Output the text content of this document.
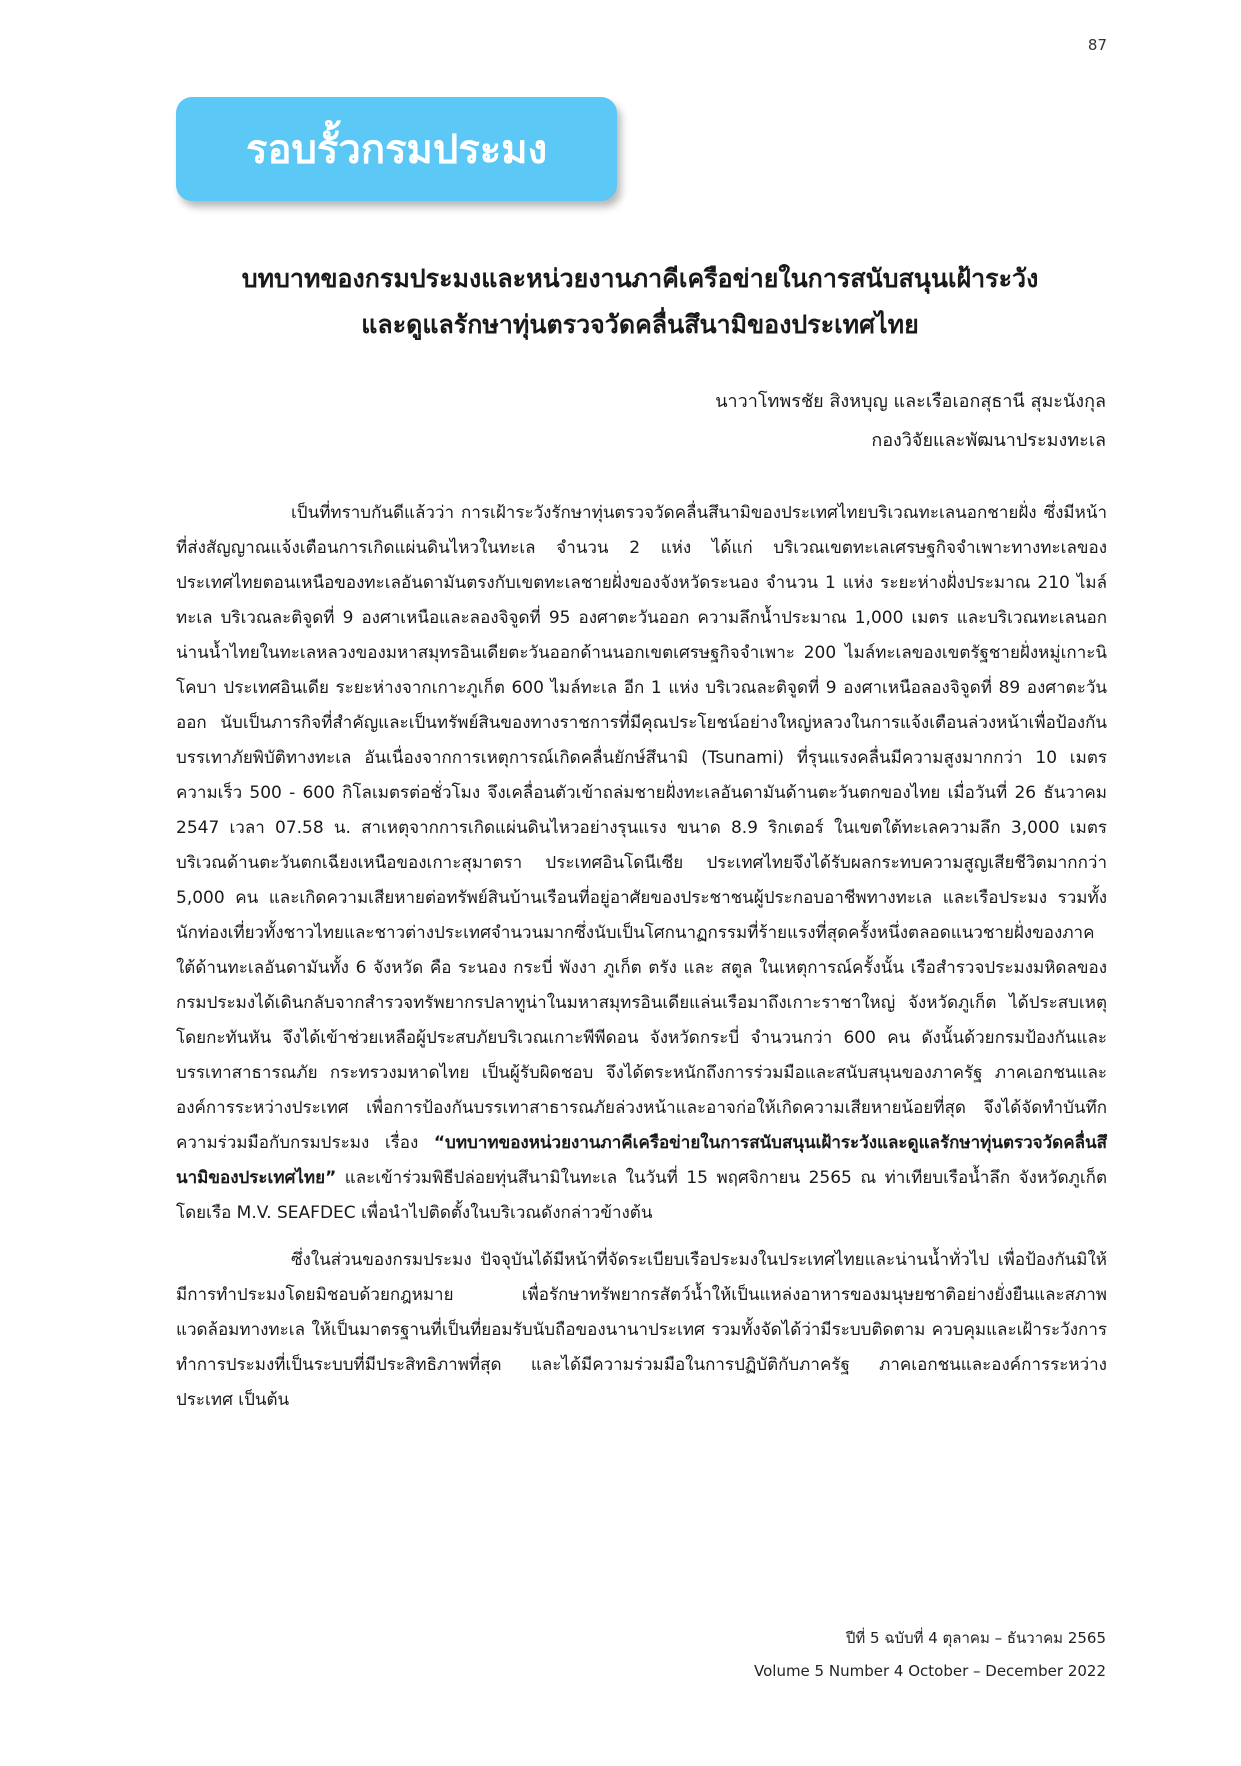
87
รอบรั้วกรมประมง
บทบาทของกรมประมงและหน่วยงานภาคีเครือข่ายในการสนับสนุนเฝ้าระวัง
และดูแลรักษาทุ่นตรวจวัดคลื่นสึนามิของประเทศไทย
นาวาโทพรชัย สิงหบุญ และเรือเอกสุธานี สุมะนังกุล
กองวิจัยและพัฒนาประมงทะเล

เป็นที่ทราบกันดีแล้วว่า การเฝ้าระวังรักษาทุ่นตรวจวัดคลื่นสึนามิของประเทศไทยบริเวณทะเลนอกชายฝั่ง ซึ่งมีหน้าที่ส่งสัญญาณแจ้งเตือนการเกิดแผ่นดินไหวในทะเล จำนวน 2 แห่ง ได้แก่ บริเวณเขตทะเลเศรษฐกิจจำเพาะทางทะเลของประเทศไทยตอนเหนือของทะเลอันดามันตรงกับเขตทะเลชายฝั่งของจังหวัดระนอง จำนวน 1 แห่ง ระยะห่างฝั่งประมาณ 210 ไมล์ทะเล บริเวณละติจูดที่ 9 องศาเหนือและลองจิจูดที่ 95 องศาตะวันออก ความลึกน้ำประมาณ 1,000 เมตร และบริเวณทะเลนอกน่านน้ำไทยในทะเลหลวงของมหาสมุทรอินเดียตะวันออกด้านนอกเขตเศรษฐกิจจำเพาะ 200 ไมล์ทะเลของเขตรัฐชายฝั่งหมู่เกาะนิโคบา ประเทศอินเดีย ระยะห่างจากเกาะภูเก็ต 600 ไมล์ทะเล อีก 1 แห่ง บริเวณละติจูดที่ 9 องศาเหนือลองจิจูดที่ 89 องศาตะวันออก นับเป็นภารกิจที่สำคัญและเป็นทรัพย์สินของทางราชการที่มีคุณประโยชน์อย่างใหญ่หลวงในการแจ้งเตือนล่วงหน้าเพื่อป้องกันบรรเทาภัยพิบัติทางทะเล อันเนื่องจากการเหตุการณ์เกิดคลื่นยักษ์สึนามิ (Tsunami) ที่รุนแรงคลื่นมีความสูงมากกว่า 10 เมตร ความเร็ว 500 - 600 กิโลเมตรต่อชั่วโมง จึงเคลื่อนตัวเข้าถล่มชายฝั่งทะเลอันดามันด้านตะวันตกของไทย เมื่อวันที่ 26 ธันวาคม 2547 เวลา 07.58 น. สาเหตุจากการเกิดแผ่นดินไหวอย่างรุนแรง ขนาด 8.9 ริกเตอร์ ในเขตใต้ทะเลความลึก 3,000 เมตร บริเวณด้านตะวันตกเฉียงเหนือของเกาะสุมาตรา ประเทศอินโดนีเซีย ประเทศไทยจึงได้รับผลกระทบความสูญเสียชีวิตมากกว่า 5,000 คน และเกิดความเสียหายต่อทรัพย์สินบ้านเรือนที่อยู่อาศัยของประชาชนผู้ประกอบอาชีพทางทะเล และเรือประมง รวมทั้งนักท่องเที่ยวทั้งชาวไทยและชาวต่างประเทศจำนวนมากซึ่งนับเป็นโศกนาฏกรรมที่ร้ายแรงที่สุดครั้งหนึ่งตลอดแนวชายฝั่งของภาคใต้ด้านทะเลอันดามันทั้ง 6 จังหวัด คือ ระนอง กระบี่ พังงา ภูเก็ต ตรัง และ สตูล ในเหตุการณ์ครั้งนั้น เรือสำรวจประมงมหิดลของกรมประมงได้เดินกลับจากสำรวจทรัพยากรปลาทูน่าในมหาสมุทรอินเดียแล่นเรือมาถึงเกาะราชาใหญ่ จังหวัดภูเก็ต ได้ประสบเหตุโดยกะทันหัน จึงได้เข้าช่วยเหลือผู้ประสบภัยบริเวณเกาะพีพีดอน จังหวัดกระบี่ จำนวนกว่า 600 คน ดังนั้นด้วยกรมป้องกันและบรรเทาสาธารณภัย กระทรวงมหาดไทย เป็นผู้รับผิดชอบ จึงได้ตระหนักถึงการร่วมมือและสนับสนุนของภาครัฐ ภาคเอกชนและองค์การระหว่างประเทศ เพื่อการป้องกันบรรเทาสาธารณภัยล่วงหน้าและอาจก่อให้เกิดความเสียหายน้อยที่สุด จึงได้จัดทำบันทึกความร่วมมือกับกรมประมง เรื่อง “บทบาทของหน่วยงานภาคีเครือข่ายในการสนับสนุนเฝ้าระวังและดูแลรักษาทุ่นตรวจวัดคลื่นสึนามิของประเทศไทย” และเข้าร่วมพิธีปล่อยทุ่นสึนามิในทะเล ในวันที่ 15 พฤศจิกายน 2565 ณ ท่าเทียบเรือน้ำลึก จังหวัดภูเก็ต โดยเรือ M.V. SEAFDEC เพื่อนำไปติดตั้งในบริเวณดังกล่าวข้างต้น

ซึ่งในส่วนของกรมประมง ปัจจุบันได้มีหน้าที่จัดระเบียบเรือประมงในประเทศไทยและน่านน้ำทั่วไป เพื่อป้องกันมิให้มีการทำประมงโดยมิชอบด้วยกฎหมาย เพื่อรักษาทรัพยากรสัตว์น้ำให้เป็นแหล่งอาหารของมนุษยชาติอย่างยั่งยืนและสภาพแวดล้อมทางทะเล ให้เป็นมาตรฐานที่เป็นที่ยอมรับนับถือของนานาประเทศ รวมทั้งจัดได้ว่ามีระบบติดตาม ควบคุมและเฝ้าระวังการทำการประมงที่เป็นระบบที่มีประสิทธิภาพที่สุด และได้มีความร่วมมือในการปฏิบัติกับภาครัฐ ภาคเอกชนและองค์การระหว่างประเทศ เป็นต้น

ปีที่ 5 ฉบับที่ 4 ตุลาคม – ธันวาคม 2565
Volume 5 Number 4 October – December 2022
